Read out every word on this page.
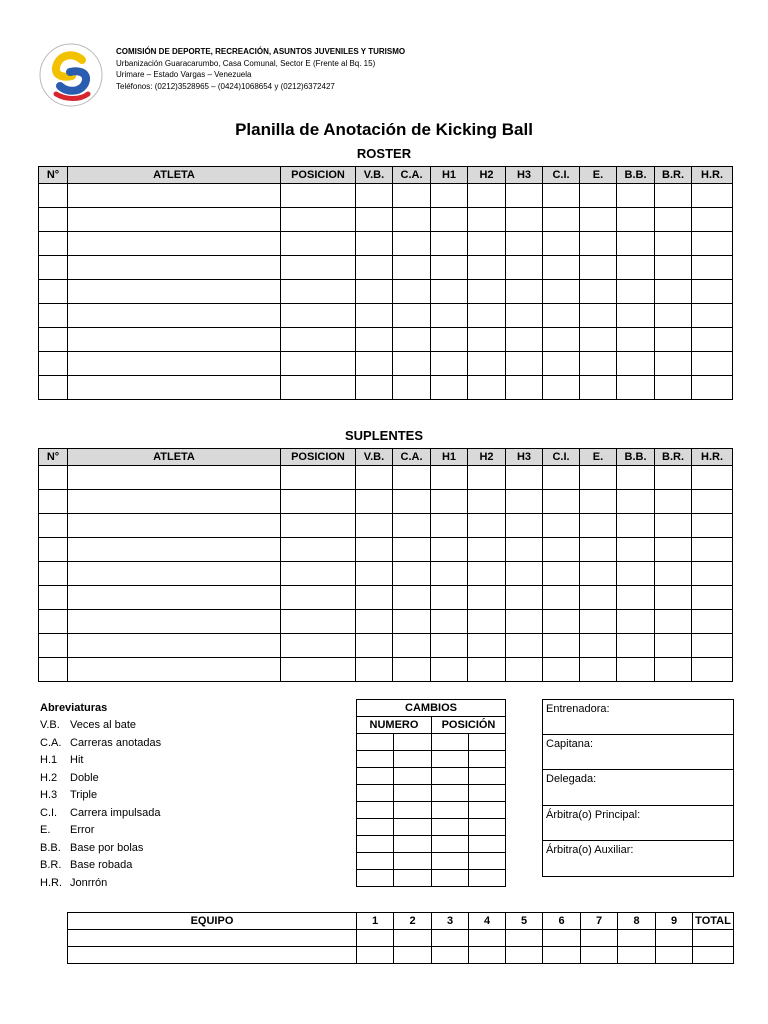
COMISIÓN DE DEPORTE, RECREACIÓN, ASUNTOS JUVENILES Y TURISMO
Urbanización Guaracarumbo, Casa Comunal, Sector E (Frente al Bq. 15)
Urimare – Estado Vargas – Venezuela
Teléfonos: (0212)3528965 – (0424)1068654 y (0212)6372427
Planilla de Anotación de Kicking Ball
ROSTER
N°	ATLETA	POSICION	V.B.	C.A.	H1	H2	H3	C.I.	E.	B.B.	B.R.	H.R.

SUPLENTES
N°	ATLETA	POSICION	V.B.	C.A.	H1	H2	H3	C.I.	E.	B.B.	B.R.	H.R.

Abreviaturas
V.B. Veces al bate
C.A. Carreras anotadas
H.1	Hit
H.2	Doble
H.3	Triple
C.I.	Carrera impulsada
E.	Error
B.B. Base por bolas
B.R. Base robada
H.R. Jonrrón
CAMBIOS			
NUMERO		POSICIÓN	

Entrenadora:
Capitana:
Delegada:
Árbitra(o) Principal:
Árbitra(o) Auxiliar:
EQUIPO	1	2	3	4	5	6	7	8	9	TOTAL
